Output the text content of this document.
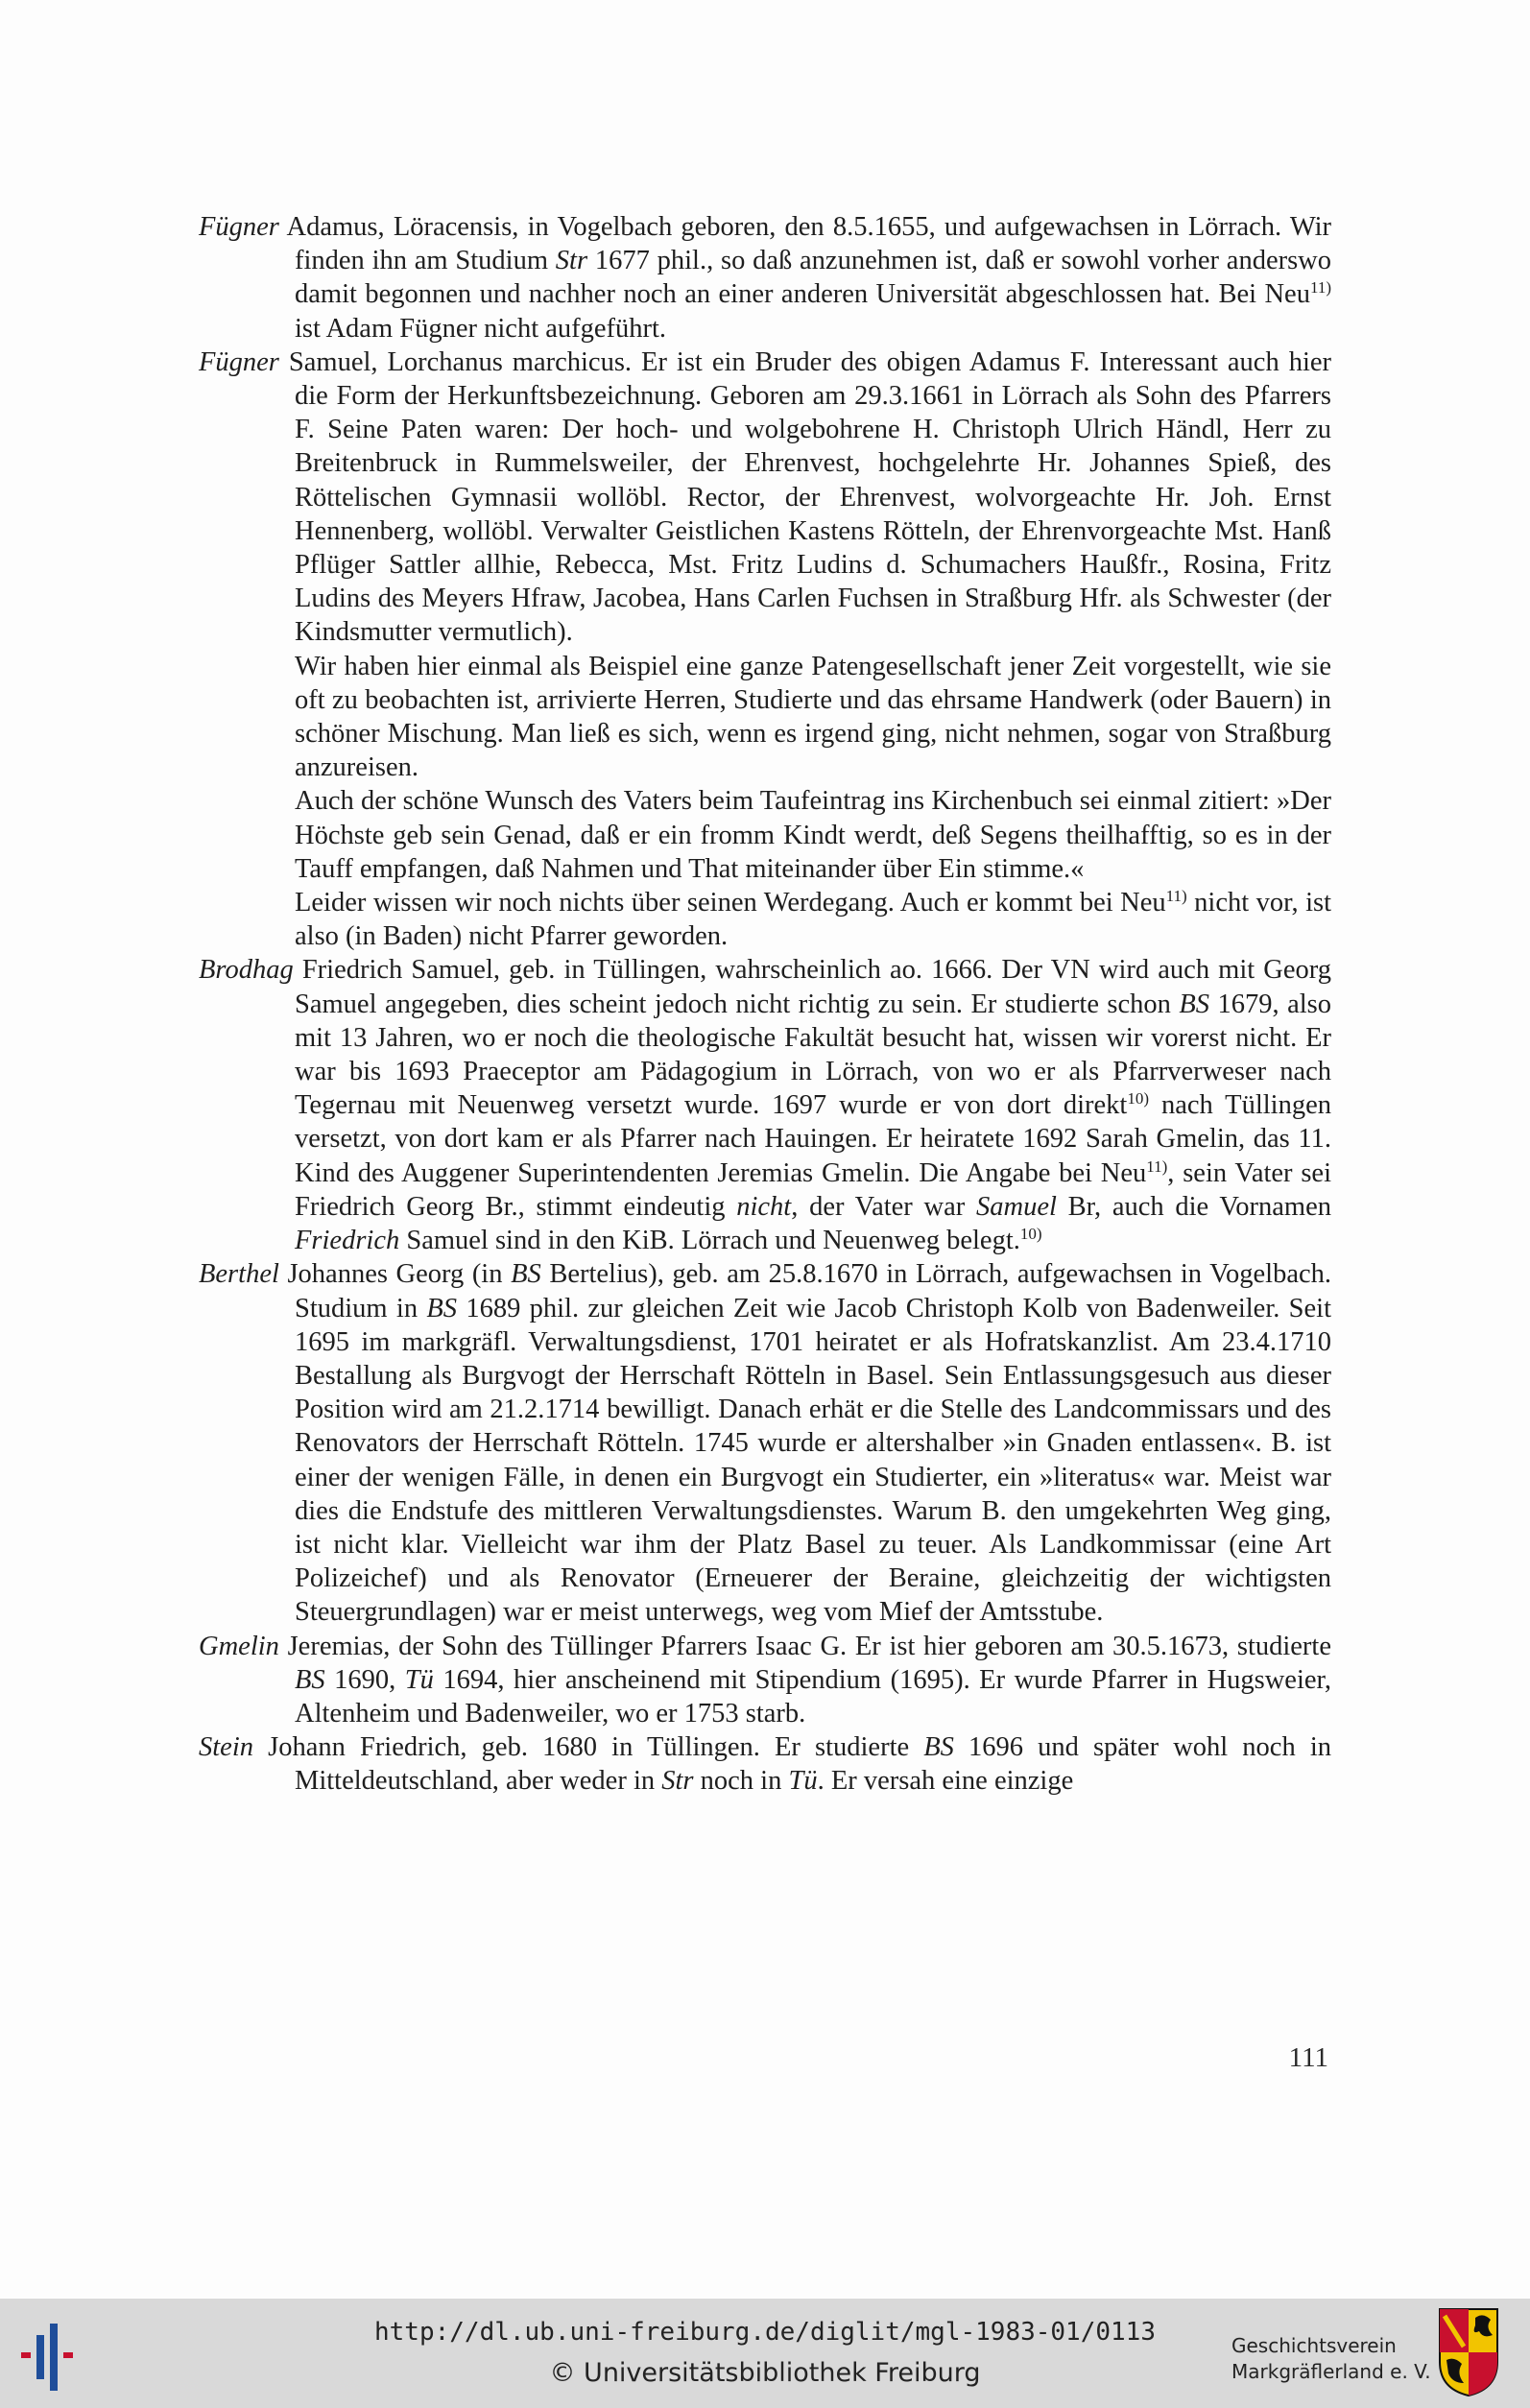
Fügner Adamus, Löracensis, in Vogelbach geboren, den 8.5.1655, und aufgewachsen in Lörrach. Wir finden ihn am Studium Str 1677 phil., so daß anzunehmen ist, daß er sowohl vorher anderswo damit begonnen und nachher noch an einer anderen Universität abgeschlossen hat. Bei Neu$^{11)}$ ist Adam Fügner nicht aufgeführt.

Fügner Samuel, Lorchanus marchicus. Er ist ein Bruder des obigen Adamus F. Interessant auch hier die Form der Herkunftsbezeichnung. Geboren am 29.3.1661 in Lörrach als Sohn des Pfarrers F. Seine Paten waren: Der hoch- und wolgebohrene H. Christoph Ulrich Händl, Herr zu Breitenbruck in Rummelsweiler, der Ehrenvest, hochgelehrte Hr. Johannes Spieß, des Röttelischen Gymnasii wollöbl. Rector, der Ehrenvest, wolvorgeachte Hr. Joh. Ernst Hennenberg, wollöbl. Verwalter Geistlichen Kastens Rötteln, der Ehrenvorgeachte Mst. Hanß Pflüger Sattler allhie, Rebecca, Mst. Fritz Ludins d. Schumachers Haußfr., Rosina, Fritz Ludins des Meyers Hfraw, Jacobea, Hans Carlen Fuchsen in Straßburg Hfr. als Schwester (der Kindsmutter vermutlich).

Wir haben hier einmal als Beispiel eine ganze Patengesellschaft jener Zeit vorgestellt, wie sie oft zu beobachten ist, arrivierte Herren, Studierte und das ehrsame Handwerk (oder Bauern) in schöner Mischung. Man ließ es sich, wenn es irgend ging, nicht nehmen, sogar von Straßburg anzureisen.

Auch der schöne Wunsch des Vaters beim Taufeintrag ins Kirchenbuch sei einmal zitiert: »Der Höchste geb sein Genad, daß er ein fromm Kindt werdt, deß Segens theilhafftig, so es in der Tauff empfangen, daß Nahmen und That miteinander über Ein stimme.«

Leider wissen wir noch nichts über seinen Werdegang. Auch er kommt bei Neu$^{11)}$ nicht vor, ist also (in Baden) nicht Pfarrer geworden.

Brodhag Friedrich Samuel, geb. in Tüllingen, wahrscheinlich ao. 1666. Der VN wird auch mit Georg Samuel angegeben, dies scheint jedoch nicht richtig zu sein. Er studierte schon BS 1679, also mit 13 Jahren, wo er noch die theologische Fakultät besucht hat, wissen wir vorerst nicht. Er war bis 1693 Praeceptor am Pädagogium in Lörrach, von wo er als Pfarrverweser nach Tegernau mit Neuenweg versetzt wurde. 1697 wurde er von dort direkt$^{10)}$ nach Tüllingen versetzt, von dort kam er als Pfarrer nach Hauingen. Er heiratete 1692 Sarah Gmelin, das 11. Kind des Auggener Superintendenten Jeremias Gmelin. Die Angabe bei Neu$^{11)}$, sein Vater sei Friedrich Georg Br., stimmt eindeutig nicht, der Vater war Samuel Br, auch die Vornamen Friedrich Samuel sind in den KiB. Lörrach und Neuenweg belegt.$^{10)}$

Berthel Johannes Georg (in BS Bertelius), geb. am 25.8.1670 in Lörrach, aufgewachsen in Vogelbach. Studium in BS 1689 phil. zur gleichen Zeit wie Jacob Christoph Kolb von Badenweiler. Seit 1695 im markgräfl. Verwaltungsdienst, 1701 heiratet er als Hofratskanzlist. Am 23.4.1710 Bestallung als Burgvogt der Herrschaft Rötteln in Basel. Sein Entlassungsgesuch aus dieser Position wird am 21.2.1714 bewilligt. Danach erhät er die Stelle des Landcommissars und des Renovators der Herrschaft Rötteln. 1745 wurde er altershalber »in Gnaden entlassen«. B. ist einer der wenigen Fälle, in denen ein Burgvogt ein Studierter, ein »literatus« war. Meist war dies die Endstufe des mittleren Verwaltungsdienstes. Warum B. den umgekehrten Weg ging, ist nicht klar. Vielleicht war ihm der Platz Basel zu teuer. Als Landkommissar (eine Art Polizeichef) und als Renovator (Erneuerer der Beraine, gleichzeitig der wichtigsten Steuergrundlagen) war er meist unterwegs, weg vom Mief der Amtsstube.

Gmelin Jeremias, der Sohn des Tüllinger Pfarrers Isaac G. Er ist hier geboren am 30.5.1673, studierte BS 1690, Tü 1694, hier anscheinend mit Stipendium (1695). Er wurde Pfarrer in Hugsweier, Altenheim und Badenweiler, wo er 1753 starb.

Stein Johann Friedrich, geb. 1680 in Tüllingen. Er studierte BS 1696 und später wohl noch in Mitteldeutschland, aber weder in Str noch in Tü. Er versah eine einzige

111
http://dl.ub.uni-freiburg.de/diglit/mgl-1983-01/0113
© Universitätsbibliothek Freiburg
Geschichtsverein
Markgräflerland e. V.
